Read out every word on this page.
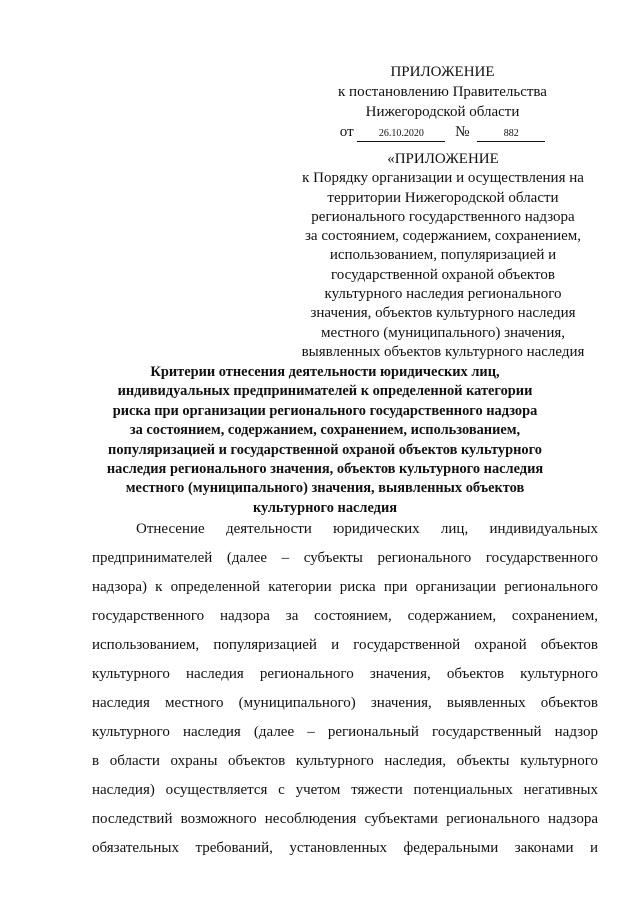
ПРИЛОЖЕНИЕ
к постановлению Правительства
Нижегородской области
от	26.10.2020 №	882
«ПРИЛОЖЕНИЕ
к Порядку организации и осуществления на
территории Нижегородской области
регионального государственного надзора
за состоянием, содержанием, сохранением,
использованием, популяризацией и
государственной охраной объектов
культурного наследия регионального
значения, объектов культурного наследия
местного (муниципального) значения,
выявленных объектов культурного наследия
Критерии отнесения деятельности юридических лиц,
индивидуальных предпринимателей к определенной категории
риска при организации регионального государственного надзора
за состоянием, содержанием, сохранением, использованием,
популяризацией и государственной охраной объектов культурного
наследия регионального значения, объектов культурного наследия
местного (муниципального) значения, выявленных объектов
культурного наследия
Отнесение деятельности юридических лиц, индивидуальных
предпринимателей (далее – субъекты регионального государственного
надзора) к определенной категории риска при организации регионального
государственного надзора за состоянием, содержанием, сохранением,
использованием, популяризацией и государственной охраной объектов
культурного наследия регионального значения, объектов культурного
наследия местного (муниципального) значения, выявленных объектов
культурного наследия (далее – региональный государственный надзор
в области охраны объектов культурного наследия, объекты культурного
наследия) осуществляется с учетом тяжести потенциальных негативных
последствий возможного несоблюдения субъектами регионального надзора
обязательных требований, установленных федеральными законами и
